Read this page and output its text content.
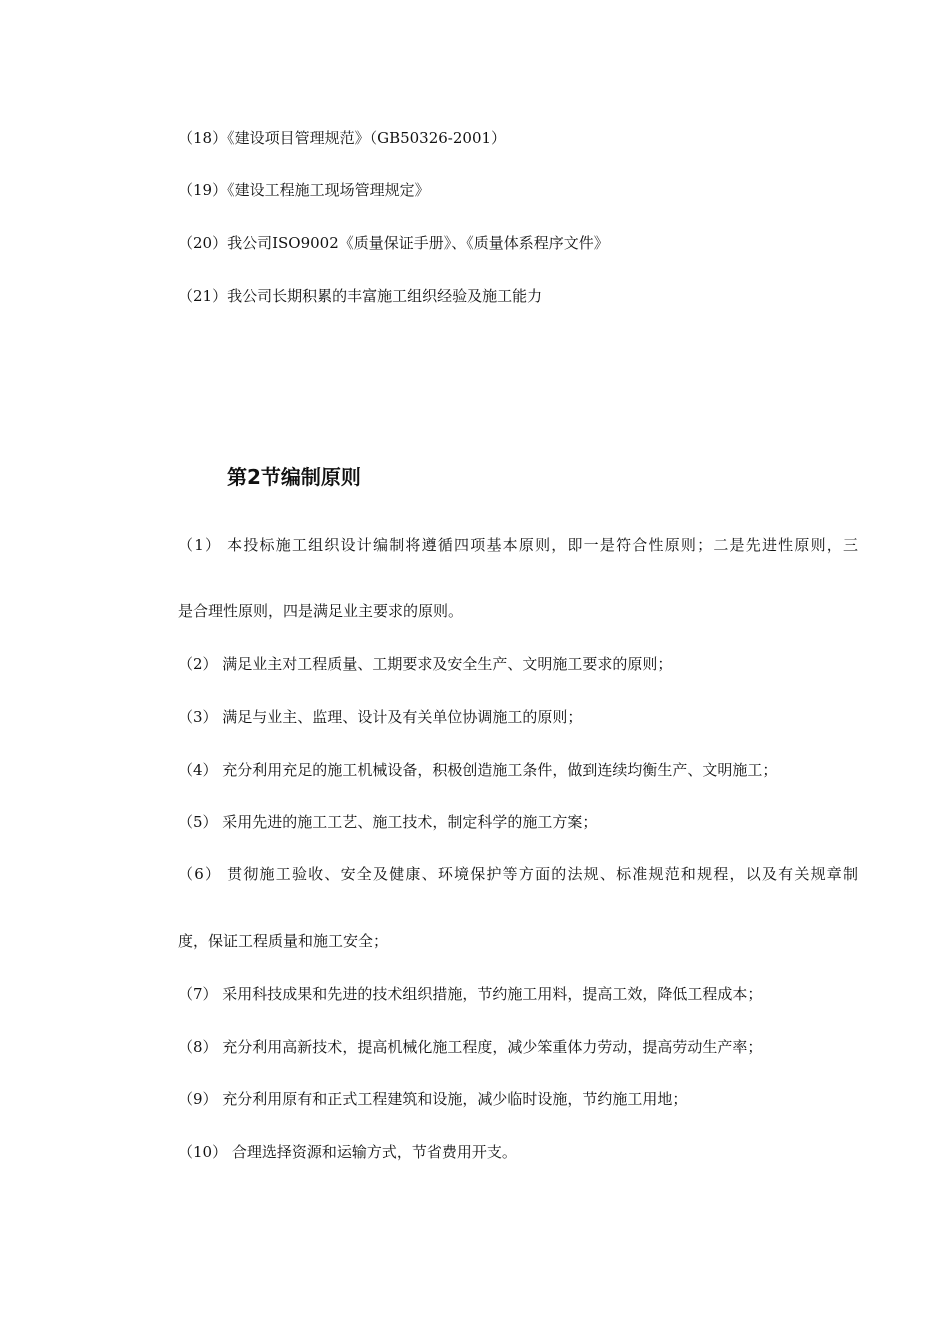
（18）《建设项目管理规范》（GB50326-2001）
（19）《建设工程施工现场管理规定》
（20）我公司ISO9002《质量保证手册》、《质量体系程序文件》
（21）我公司长期积累的丰富施工组织经验及施工能力
第2节编制原则
（1） 本投标施工组织设计编制将遵循四项基本原则，即一是符合性原则；二是先进性原则，三
是合理性原则，四是满足业主要求的原则。
（2） 满足业主对工程质量、工期要求及安全生产、文明施工要求的原则；
（3） 满足与业主、监理、设计及有关单位协调施工的原则；
（4） 充分利用充足的施工机械设备，积极创造施工条件，做到连续均衡生产、文明施工；
（5） 采用先进的施工工艺、施工技术，制定科学的施工方案；
（6） 贯彻施工验收、安全及健康、环境保护等方面的法规、标准规范和规程，以及有关规章制
度，保证工程质量和施工安全；
（7） 采用科技成果和先进的技术组织措施，节约施工用料，提高工效，降低工程成本；
（8） 充分利用高新技术，提高机械化施工程度，减少笨重体力劳动，提高劳动生产率；
（9） 充分利用原有和正式工程建筑和设施，减少临时设施，节约施工用地；
（10） 合理选择资源和运输方式，节省费用开支。
